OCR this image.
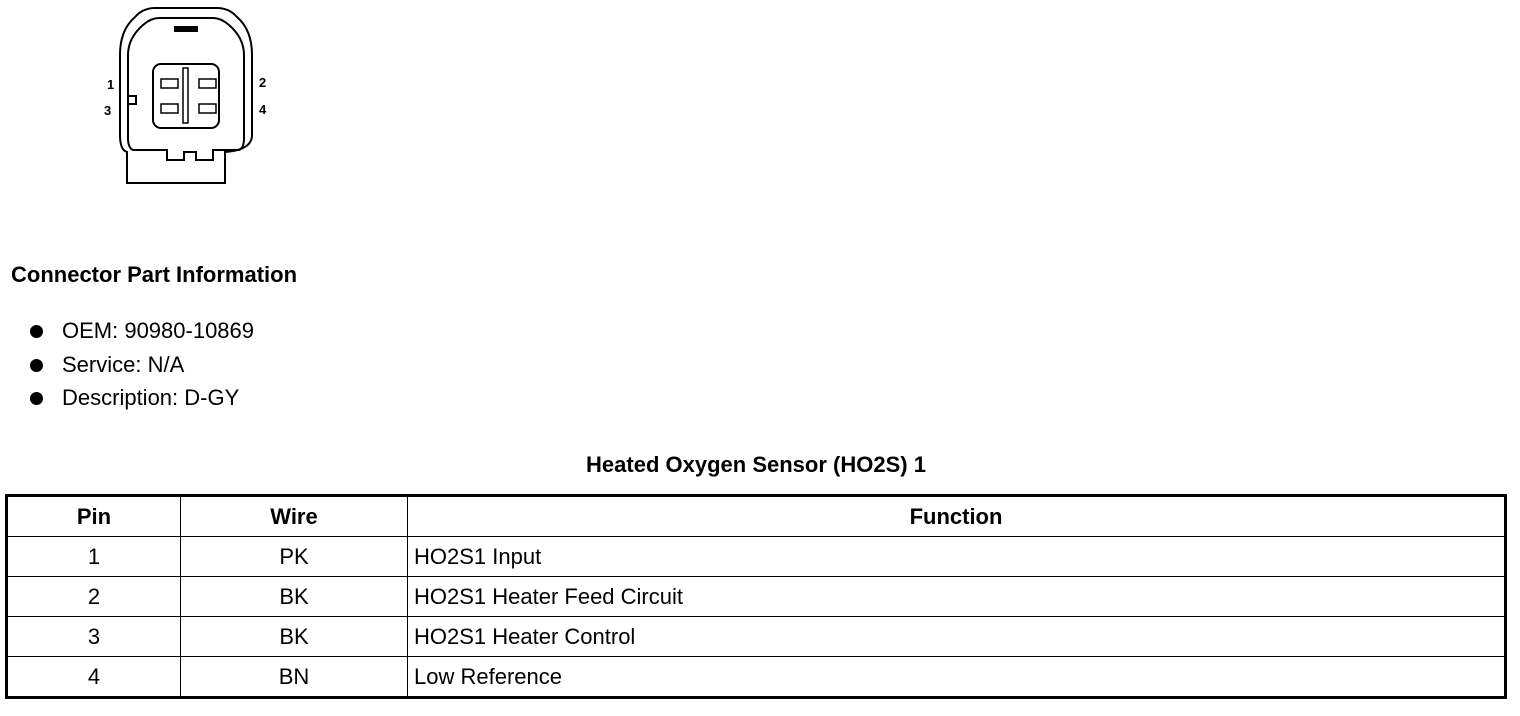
1
3
2
4
Connector Part Information
OEM: 90980-10869
Service: N/A
Description: D-GY
Heated Oxygen Sensor (HO2S) 1
Pin	Wire	Function
1	PK	HO2S1 Input
2	BK	HO2S1 Heater Feed Circuit
3	BK	HO2S1 Heater Control
4	BN	Low Reference
